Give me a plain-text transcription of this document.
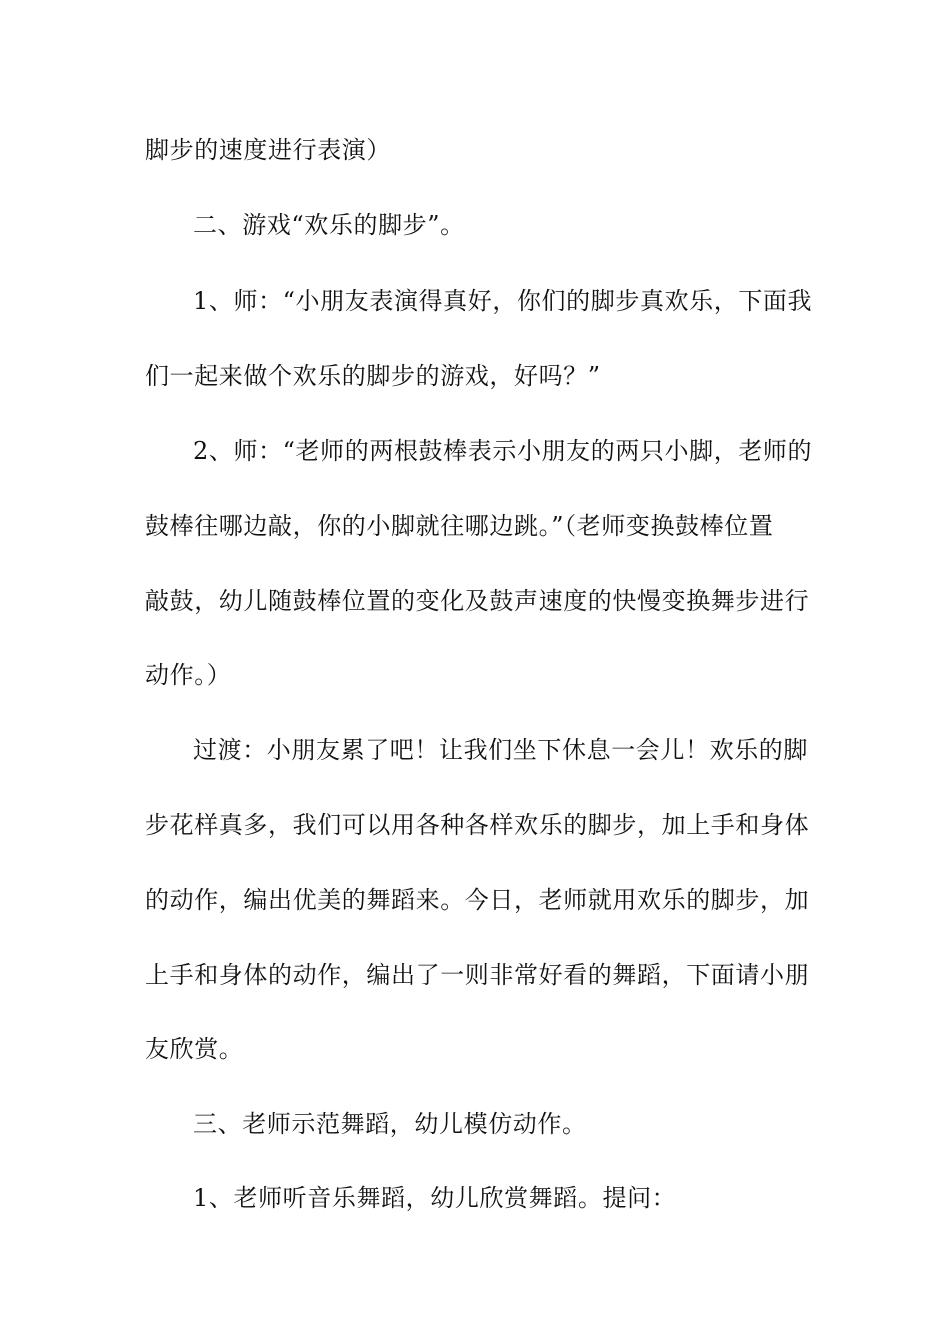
脚步的速度进行表演）
二、游戏“欢乐的脚步”。
1、师：“小朋友表演得真好，你们的脚步真欢乐，下面我
们一起来做个欢乐的脚步的游戏，好吗？”
2、师：“老师的两根鼓棒表示小朋友的两只小脚，老师的
鼓棒往哪边敲，你的小脚就往哪边跳。”（老师变换鼓棒位置
敲鼓，幼儿随鼓棒位置的变化及鼓声速度的快慢变换舞步进行
动作。）
过渡：小朋友累了吧！让我们坐下休息一会儿！欢乐的脚
步花样真多，我们可以用各种各样欢乐的脚步，加上手和身体
的动作，编出优美的舞蹈来。今日，老师就用欢乐的脚步，加
上手和身体的动作，编出了一则非常好看的舞蹈，下面请小朋
友欣赏。
三、老师示范舞蹈，幼儿模仿动作。
1、老师听音乐舞蹈，幼儿欣赏舞蹈。提问：
